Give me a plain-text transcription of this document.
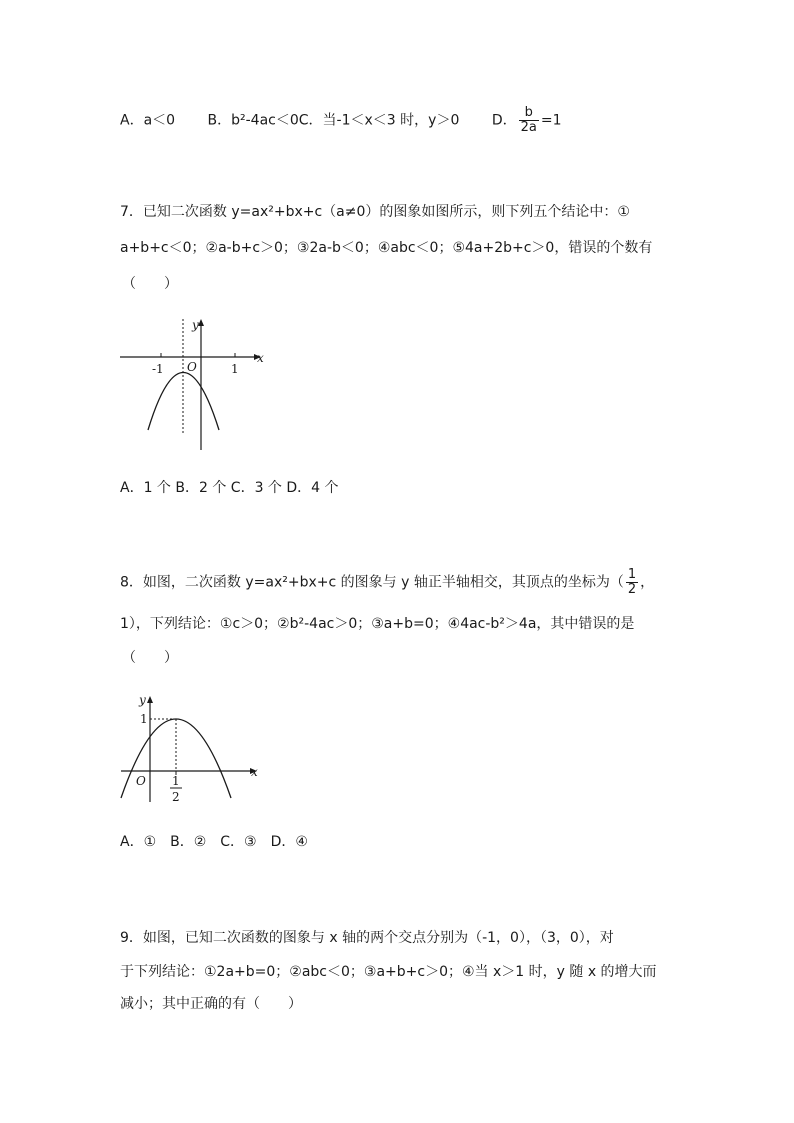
A．a＜0 B．b²-4ac＜0C．当-1＜x＜3 时，y＞0 D． $\frac{b}{2a} =1$
7．已知二次函数 y=ax²+bx+c（a≠0）的图象如图所示，则下列五个结论中：①
a+b+c＜0；②a-b+c＞0；③2a-b＜0；④abc＜0；⑤4a+2b+c＞0，错误的个数有
（　　）
y
x
-1 O	1
A．1 个 B．2 个 C．3 个 D．4 个
8．如图，二次函数 y=ax²+bx+c 的图象与 y 轴正半轴相交，其顶点的坐标为（ $\frac{1}{2}$ ，
1），下列结论：①c＞0；②b²-4ac＞0；③a+b=0；④4ac-b²＞4a，其中错误的是
（　　）
y
x
1
O 1
2
A．①　B．②　C．③　D．④
9．如图，已知二次函数的图象与 x 轴的两个交点分别为（-1，0），（3，0），对
于下列结论：①2a+b=0；②abc＜0；③a+b+c＞0；④当 x＞1 时，y 随 x 的增大而
减小；其中正确的有（　　）
